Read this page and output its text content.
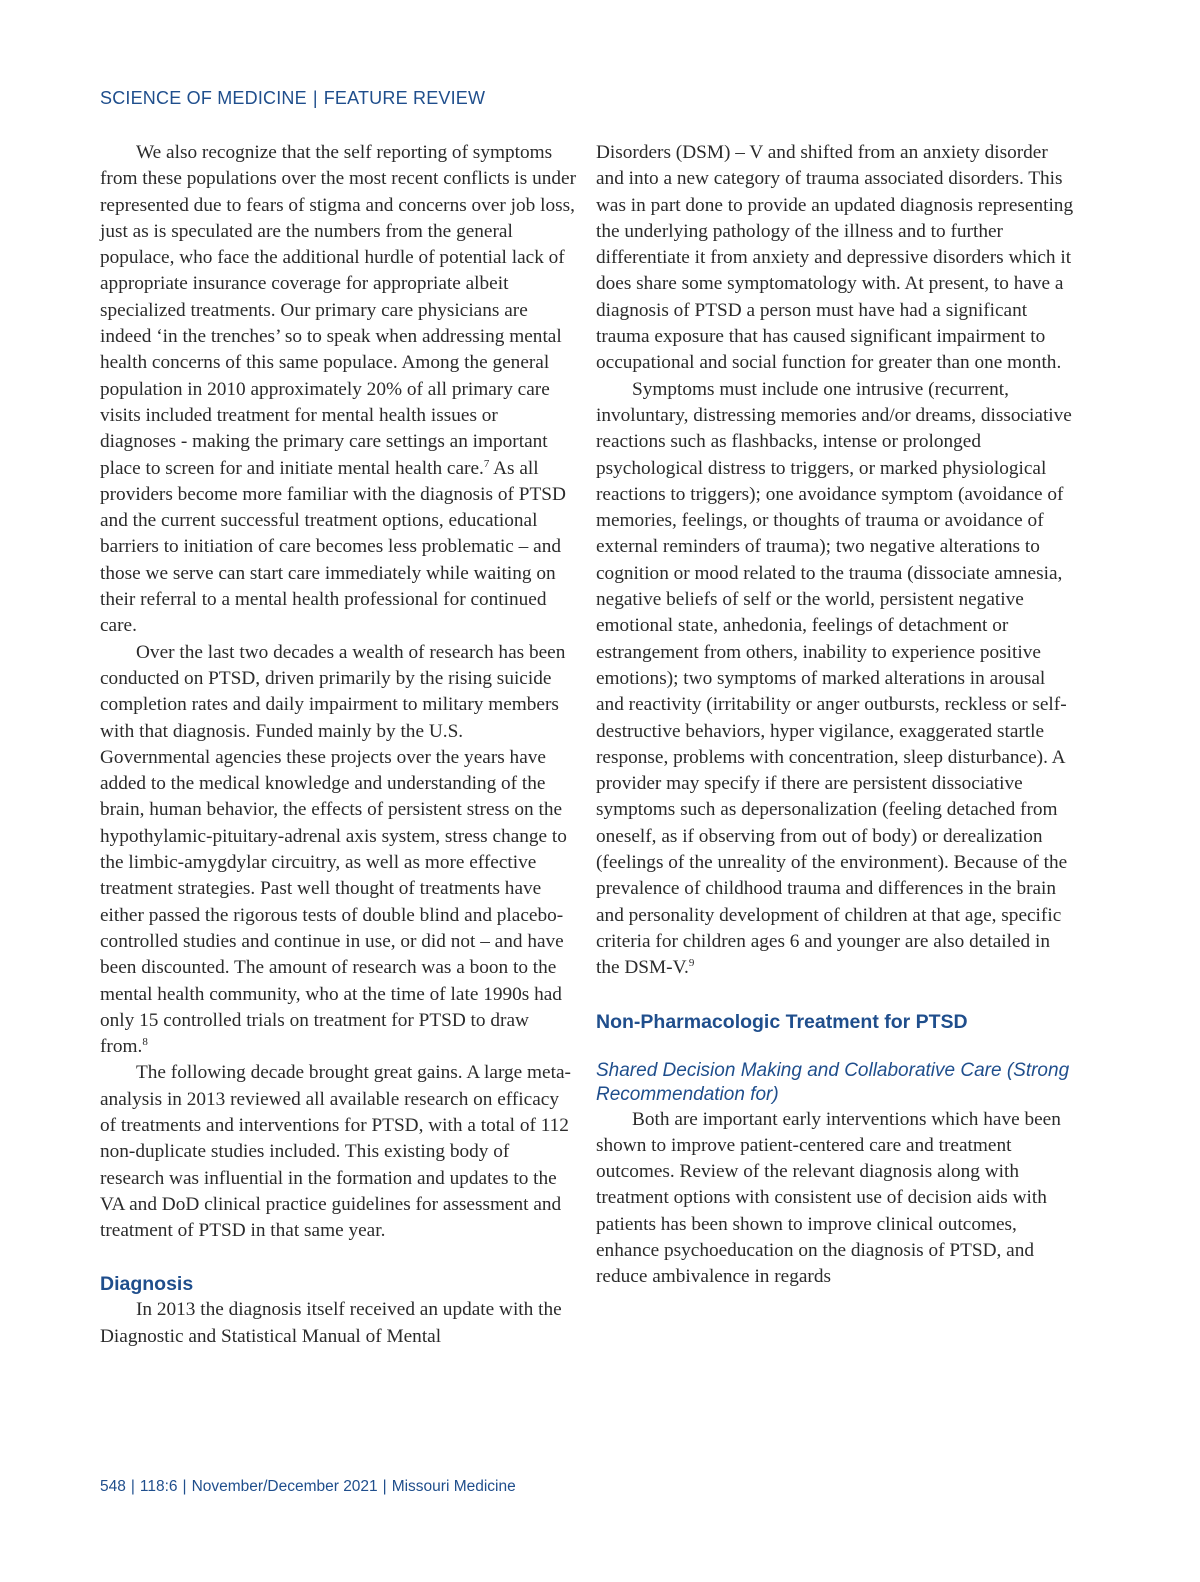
SCIENCE OF MEDICINE | FEATURE REVIEW

We also recognize that the self reporting of symptoms from these populations over the most recent conflicts is under represented due to fears of stigma and concerns over job loss, just as is speculated are the numbers from the general populace, who face the additional hurdle of potential lack of appropriate insurance coverage for appropriate albeit specialized treatments. Our primary care physicians are indeed ‘in the trenches’ so to speak when addressing mental health concerns of this same populace. Among the general population in 2010 approximately 20% of all primary care visits included treatment for mental health issues or diagnoses - making the primary care settings an important place to screen for and initiate mental health care.$^7$ As all providers become more familiar with the diagnosis of PTSD and the current successful treatment options, educational barriers to initiation of care becomes less problematic – and those we serve can start care immediately while waiting on their referral to a mental health professional for continued care.

Over the last two decades a wealth of research has been conducted on PTSD, driven primarily by the rising suicide completion rates and daily impairment to military members with that diagnosis. Funded mainly by the U.S. Governmental agencies these projects over the years have added to the medical knowledge and understanding of the brain, human behavior, the effects of persistent stress on the hypothylamic-pituitary-adrenal axis system, stress change to the limbic-amygdylar circuitry, as well as more effective treatment strategies. Past well thought of treatments have either passed the rigorous tests of double blind and placebo-controlled studies and continue in use, or did not – and have been discounted. The amount of research was a boon to the mental health community, who at the time of late 1990s had only 15 controlled trials on treatment for PTSD to draw from.$^8$

The following decade brought great gains. A large meta-analysis in 2013 reviewed all available research on efficacy of treatments and interventions for PTSD, with a total of 112 non-duplicate studies included. This existing body of research was influential in the formation and updates to the VA and DoD clinical practice guidelines for assessment and treatment of PTSD in that same year.

Diagnosis

In 2013 the diagnosis itself received an update with the Diagnostic and Statistical Manual of Mental

Disorders (DSM) – V and shifted from an anxiety disorder and into a new category of trauma associated disorders. This was in part done to provide an updated diagnosis representing the underlying pathology of the illness and to further differentiate it from anxiety and depressive disorders which it does share some symptomatology with. At present, to have a diagnosis of PTSD a person must have had a significant trauma exposure that has caused significant impairment to occupational and social function for greater than one month.

Symptoms must include one intrusive (recurrent, involuntary, distressing memories and/or dreams, dissociative reactions such as flashbacks, intense or prolonged psychological distress to triggers, or marked physiological reactions to triggers); one avoidance symptom (avoidance of memories, feelings, or thoughts of trauma or avoidance of external reminders of trauma); two negative alterations to cognition or mood related to the trauma (dissociate amnesia, negative beliefs of self or the world, persistent negative emotional state, anhedonia, feelings of detachment or estrangement from others, inability to experience positive emotions); two symptoms of marked alterations in arousal and reactivity (irritability or anger outbursts, reckless or self-destructive behaviors, hyper vigilance, exaggerated startle response, problems with concentration, sleep disturbance). A provider may specify if there are persistent dissociative symptoms such as depersonalization (feeling detached from oneself, as if observing from out of body) or derealization (feelings of the unreality of the environment). Because of the prevalence of childhood trauma and differences in the brain and personality development of children at that age, specific criteria for children ages 6 and younger are also detailed in the DSM-V.$^9$

Non-Pharmacologic Treatment for PTSD
Shared Decision Making and Collaborative Care (Strong Recommendation for)

Both are important early interventions which have been shown to improve patient-centered care and treatment outcomes. Review of the relevant diagnosis along with treatment options with consistent use of decision aids with patients has been shown to improve clinical outcomes, enhance psychoeducation on the diagnosis of PTSD, and reduce ambivalence in regards

548 | 118:6 | November/December 2021 | Missouri Medicine
